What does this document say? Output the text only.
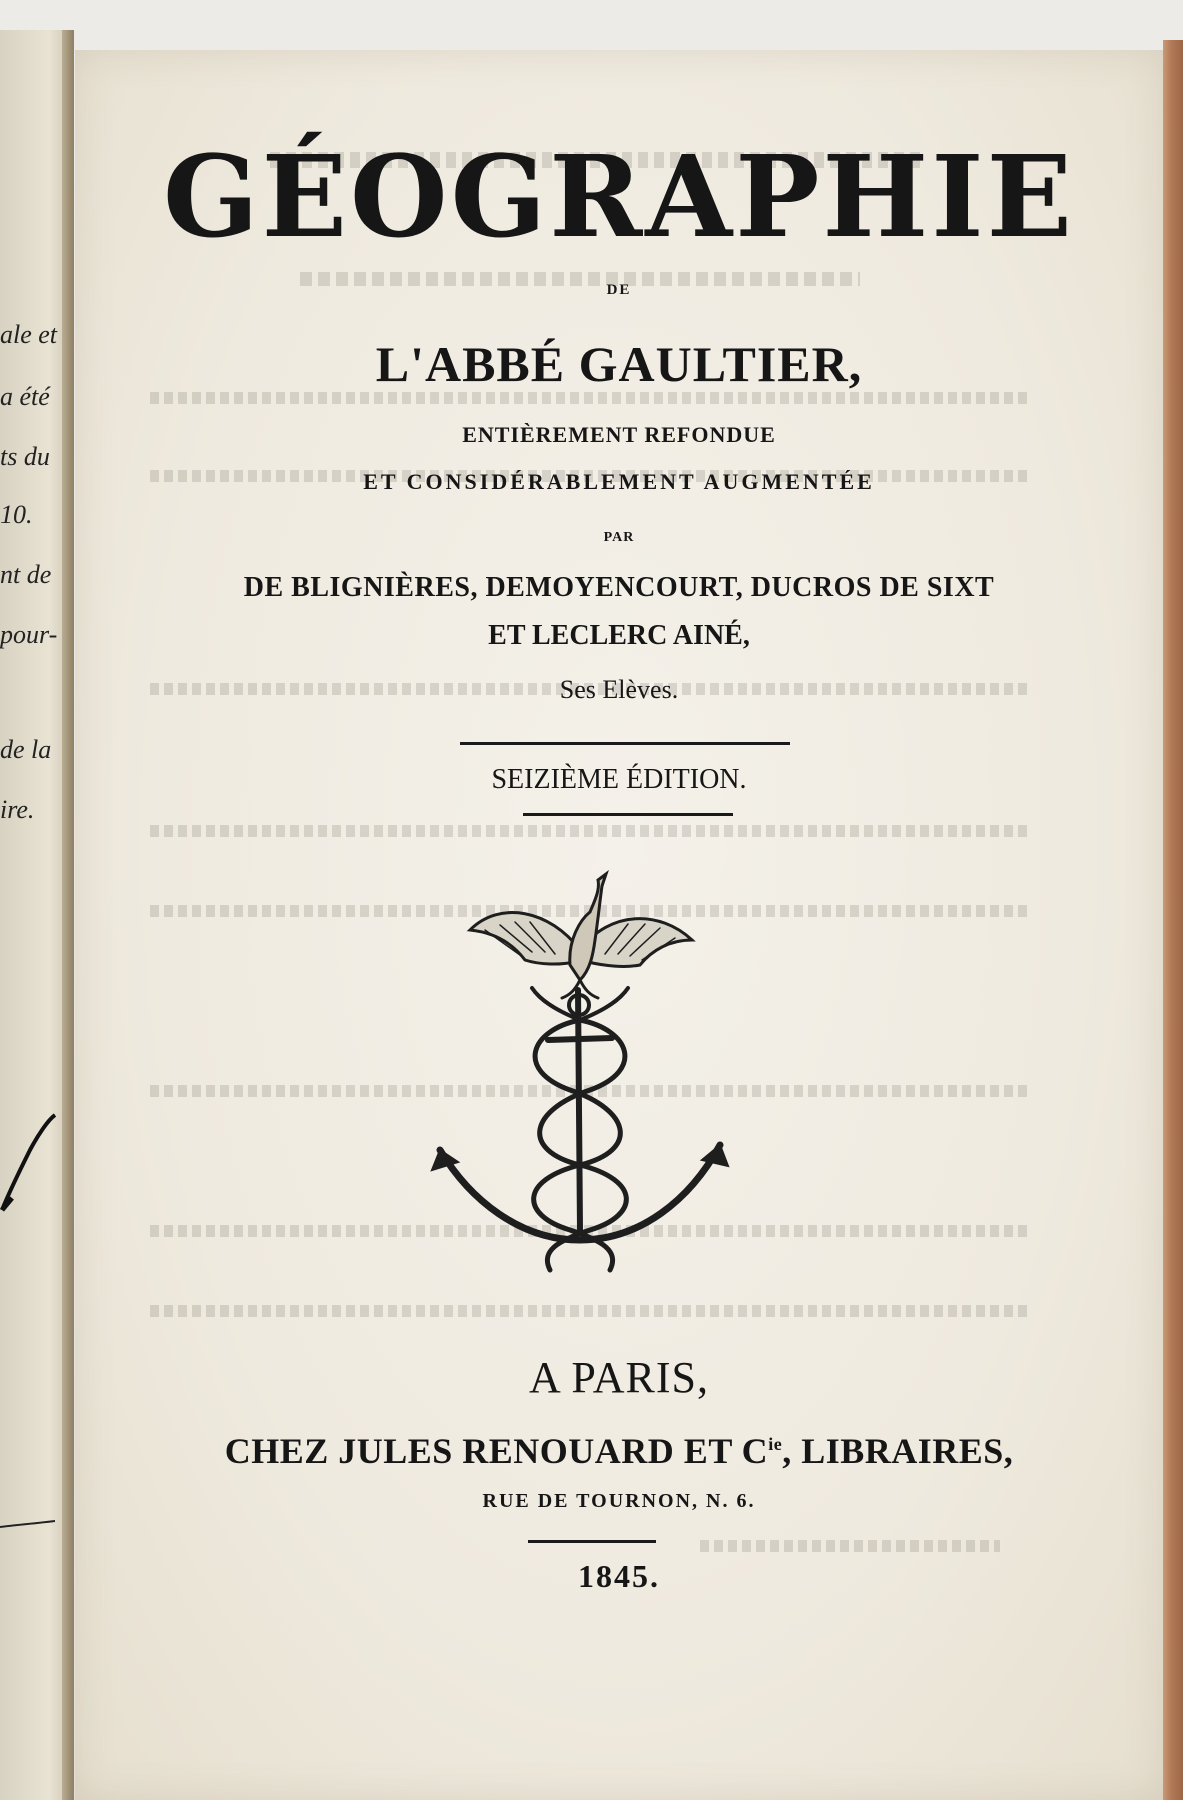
ale et
a été
ts du
10.
nt de
pour-
de la
ire.
GÉOGRAPHIE
DE
L'ABBÉ GAULTIER,
ENTIÈREMENT REFONDUE
ET CONSIDÉRABLEMENT AUGMENTÉE
PAR
DE BLIGNIÈRES, DEMOYENCOURT, DUCROS DE SIXT
ET LECLERC AINÉ,
Ses Elèves.
SEIZIÈME ÉDITION.
A PARIS,
CHEZ JULES RENOUARD ET $C^{ie}$, LIBRAIRES,
RUE DE TOURNON, N. 6.
1845.
